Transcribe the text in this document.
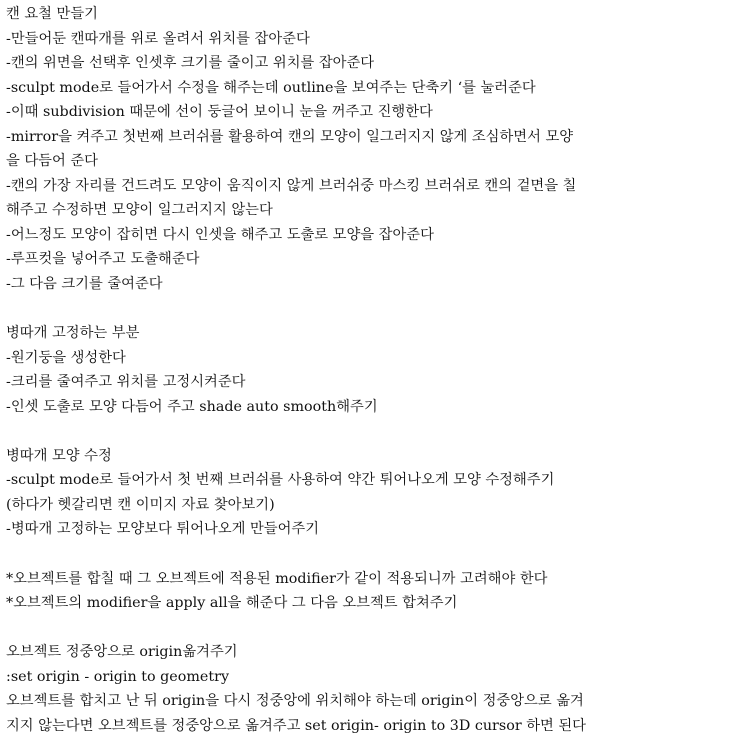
캔 요철 만들기
-만들어둔 캔따개를 위로 올려서 위치를 잡아준다
-캔의 위면을 선택후 인셋후 크기를 줄이고 위치를 잡아준다
-sculpt mode로 들어가서 수정을 해주는데 outline을 보여주는 단축키 ‘를 눌러준다
-이때 subdivision 때문에 선이 둥글어 보이니 눈을 꺼주고 진행한다
-mirror을 켜주고 첫번째 브러쉬를 활용하여 캔의 모양이 일그러지지 않게 조심하면서 모양
을 다듬어 준다
-캔의 가장 자리를 건드려도 모양이 움직이지 않게 브러쉬중 마스킹 브러쉬로 캔의 겉면을 칠
해주고 수정하면 모양이 일그러지지 않는다
-어느정도 모양이 잡히면 다시 인셋을 해주고 도출로 모양을 잡아준다
-루프컷을 넣어주고 도출해준다
-그 다음 크기를 줄여준다
병따개 고정하는 부분
-원기둥을 생성한다
-크리를 줄여주고 위치를 고정시켜준다
-인셋 도출로 모양 다듬어 주고 shade auto smooth해주기
병따개 모양 수정
-sculpt mode로 들어가서 첫 번째 브러쉬를 사용하여 약간 튀어나오게 모양 수정해주기
(하다가 헷갈리면 캔 이미지 자료 찾아보기)
-병따개 고정하는 모양보다 튀어나오게 만들어주기
*오브젝트를 합칠 때 그 오브젝트에 적용된 modifier가 같이 적용되니까 고려해야 한다
*오브젝트의 modifier을 apply all을 해준다 그 다음 오브젝트 합쳐주기
오브젝트 정중앙으로 origin옮겨주기
:set origin - origin to geometry
오브젝트를 합치고 난 뒤 origin을 다시 정중앙에 위치해야 하는데 origin이 정중앙으로 옮겨
지지 않는다면 오브젝트를 정중앙으로 옮겨주고 set origin- origin to 3D cursor 하면 된다
